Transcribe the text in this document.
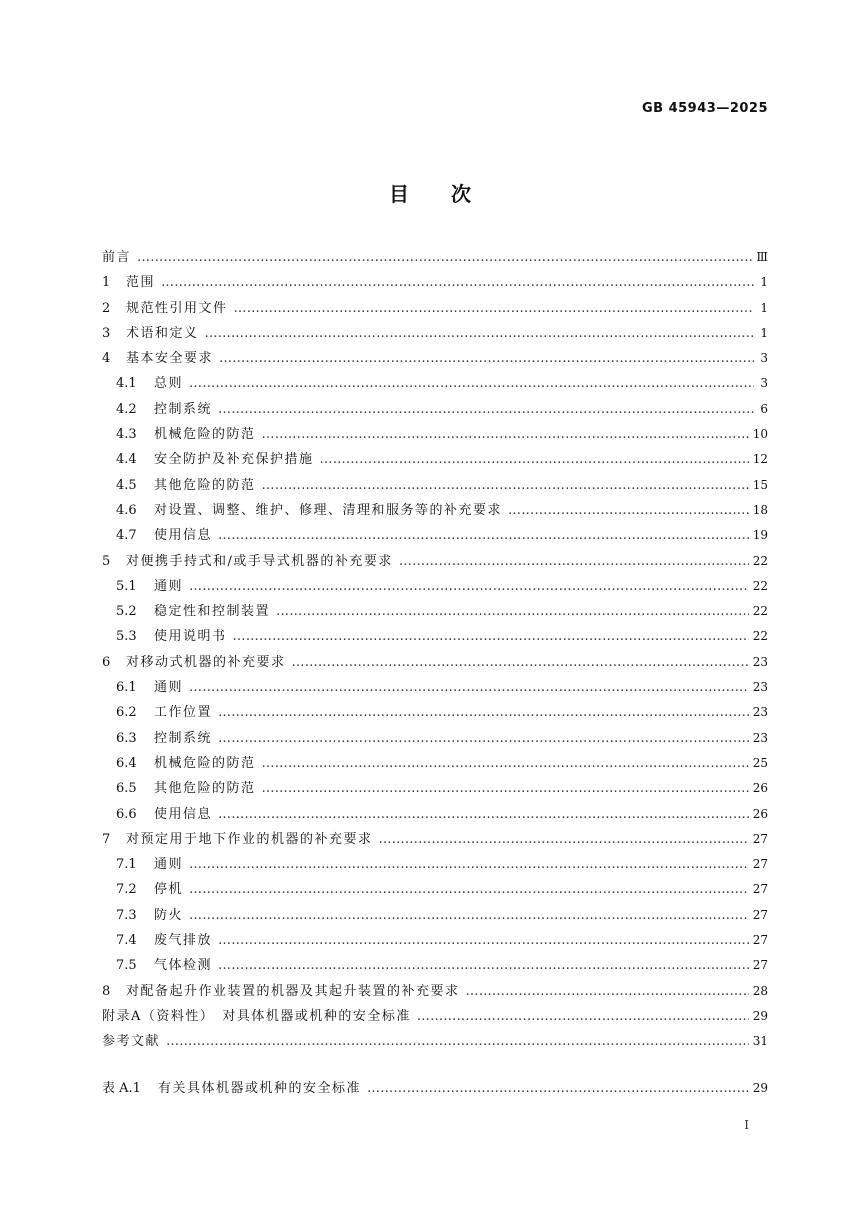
GB 45943—2025
目次
前言 …………………………………………………………………………………………………………………………………………………………………………………………	Ⅲ
1	范围 …………………………………………………………………………………………………………………………………………………………………………………………	1
2	规范性引用文件 …………………………………………………………………………………………………………………………………………………………………………………………	1
3	术语和定义 …………………………………………………………………………………………………………………………………………………………………………………………	1
4	基本安全要求 …………………………………………………………………………………………………………………………………………………………………………………………	3
4.1	总则 …………………………………………………………………………………………………………………………………………………………………………………………	3
4.2	控制系统 …………………………………………………………………………………………………………………………………………………………………………………………	6
4.3	机械危险的防范 …………………………………………………………………………………………………………………………………………………………………………………………	10
4.4	安全防护及补充保护措施 …………………………………………………………………………………………………………………………………………………………………………………………	12
4.5	其他危险的防范 …………………………………………………………………………………………………………………………………………………………………………………………	15
4.6	对设置、调整、维护、修理、清理和服务等的补充要求 …………………………………………………………………………………………………………………………………………………………………………………………	18
4.7	使用信息 …………………………………………………………………………………………………………………………………………………………………………………………	19
5	对便携手持式和/或手导式机器的补充要求 …………………………………………………………………………………………………………………………………………………………………………………………	22
5.1	通则 …………………………………………………………………………………………………………………………………………………………………………………………	22
5.2	稳定性和控制装置 …………………………………………………………………………………………………………………………………………………………………………………………	22
5.3	使用说明书 …………………………………………………………………………………………………………………………………………………………………………………………	22
6	对移动式机器的补充要求 …………………………………………………………………………………………………………………………………………………………………………………………	23
6.1	通则 …………………………………………………………………………………………………………………………………………………………………………………………	23
6.2	工作位置 …………………………………………………………………………………………………………………………………………………………………………………………	23
6.3	控制系统 …………………………………………………………………………………………………………………………………………………………………………………………	23
6.4	机械危险的防范 …………………………………………………………………………………………………………………………………………………………………………………………	25
6.5	其他危险的防范 …………………………………………………………………………………………………………………………………………………………………………………………	26
6.6	使用信息 …………………………………………………………………………………………………………………………………………………………………………………………	26
7	对预定用于地下作业的机器的补充要求 …………………………………………………………………………………………………………………………………………………………………………………………	27
7.1	通则 …………………………………………………………………………………………………………………………………………………………………………………………	27
7.2	停机 …………………………………………………………………………………………………………………………………………………………………………………………	27
7.3	防火 …………………………………………………………………………………………………………………………………………………………………………………………	27
7.4	废气排放 …………………………………………………………………………………………………………………………………………………………………………………………	27
7.5	气体检测 …………………………………………………………………………………………………………………………………………………………………………………………	27
8	对配备起升作业装置的机器及其起升装置的补充要求 …………………………………………………………………………………………………………………………………………………………………………………………	28
附录A（资料性）　对具体机器或机种的安全标准 …………………………………………………………………………………………………………………………………………………………………………………………	29
参考文献 …………………………………………………………………………………………………………………………………………………………………………………………	31
表 A.1	有关具体机器或机种的安全标准 …………………………………………………………………………………………………………………………………………………………………………………………	29
I
